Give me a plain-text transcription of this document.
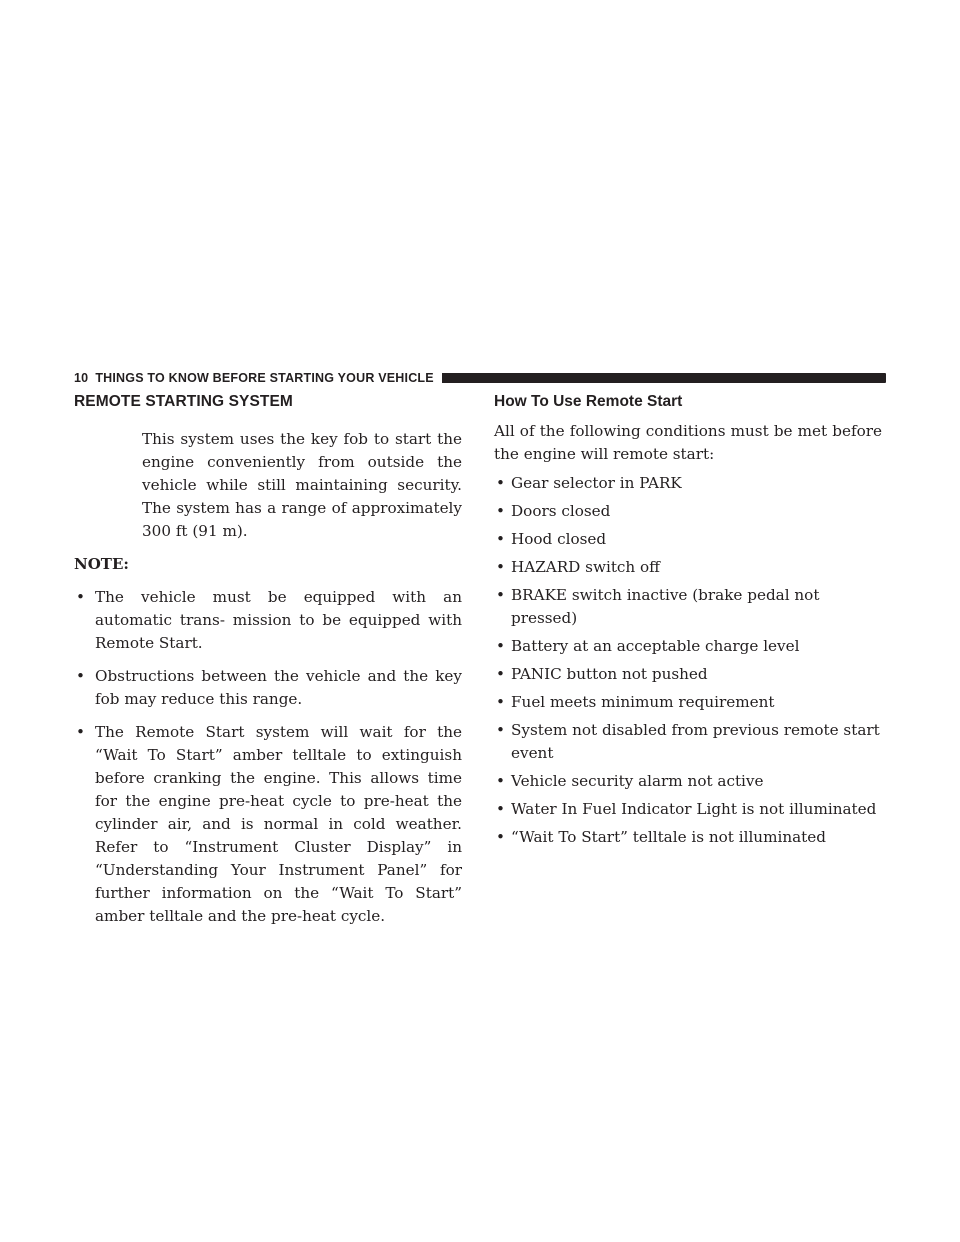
10 THINGS TO KNOW BEFORE STARTING YOUR VEHICLE
REMOTE STARTING SYSTEM

This system uses the key fob to start the engine conveniently from outside the vehicle while still maintaining security. The system has a range of approximately 300 ft (91 m).

NOTE:

• The vehicle must be equipped with an automatic trans- mission to be equipped with Remote Start.
• Obstructions between the vehicle and the key fob may reduce this range.
• The Remote Start system will wait for the “Wait To Start” amber telltale to extinguish before cranking the engine. This allows time for the engine pre-heat cycle to pre-heat the cylinder air, and is normal in cold weather. Refer to “Instrument Cluster Display” in “Understanding Your Instrument Panel” for further information on the “Wait To Start” amber telltale and the pre-heat cycle.
How To Use Remote Start

All of the following conditions must be met before the engine will remote start:

• Gear selector in PARK
• Doors closed
• Hood closed
• HAZARD switch off
• BRAKE switch inactive (brake pedal not pressed)
• Battery at an acceptable charge level
• PANIC button not pushed
• Fuel meets minimum requirement
• System not disabled from previous remote start event
• Vehicle security alarm not active
• Water In Fuel Indicator Light is not illuminated
• “Wait To Start” telltale is not illuminated
